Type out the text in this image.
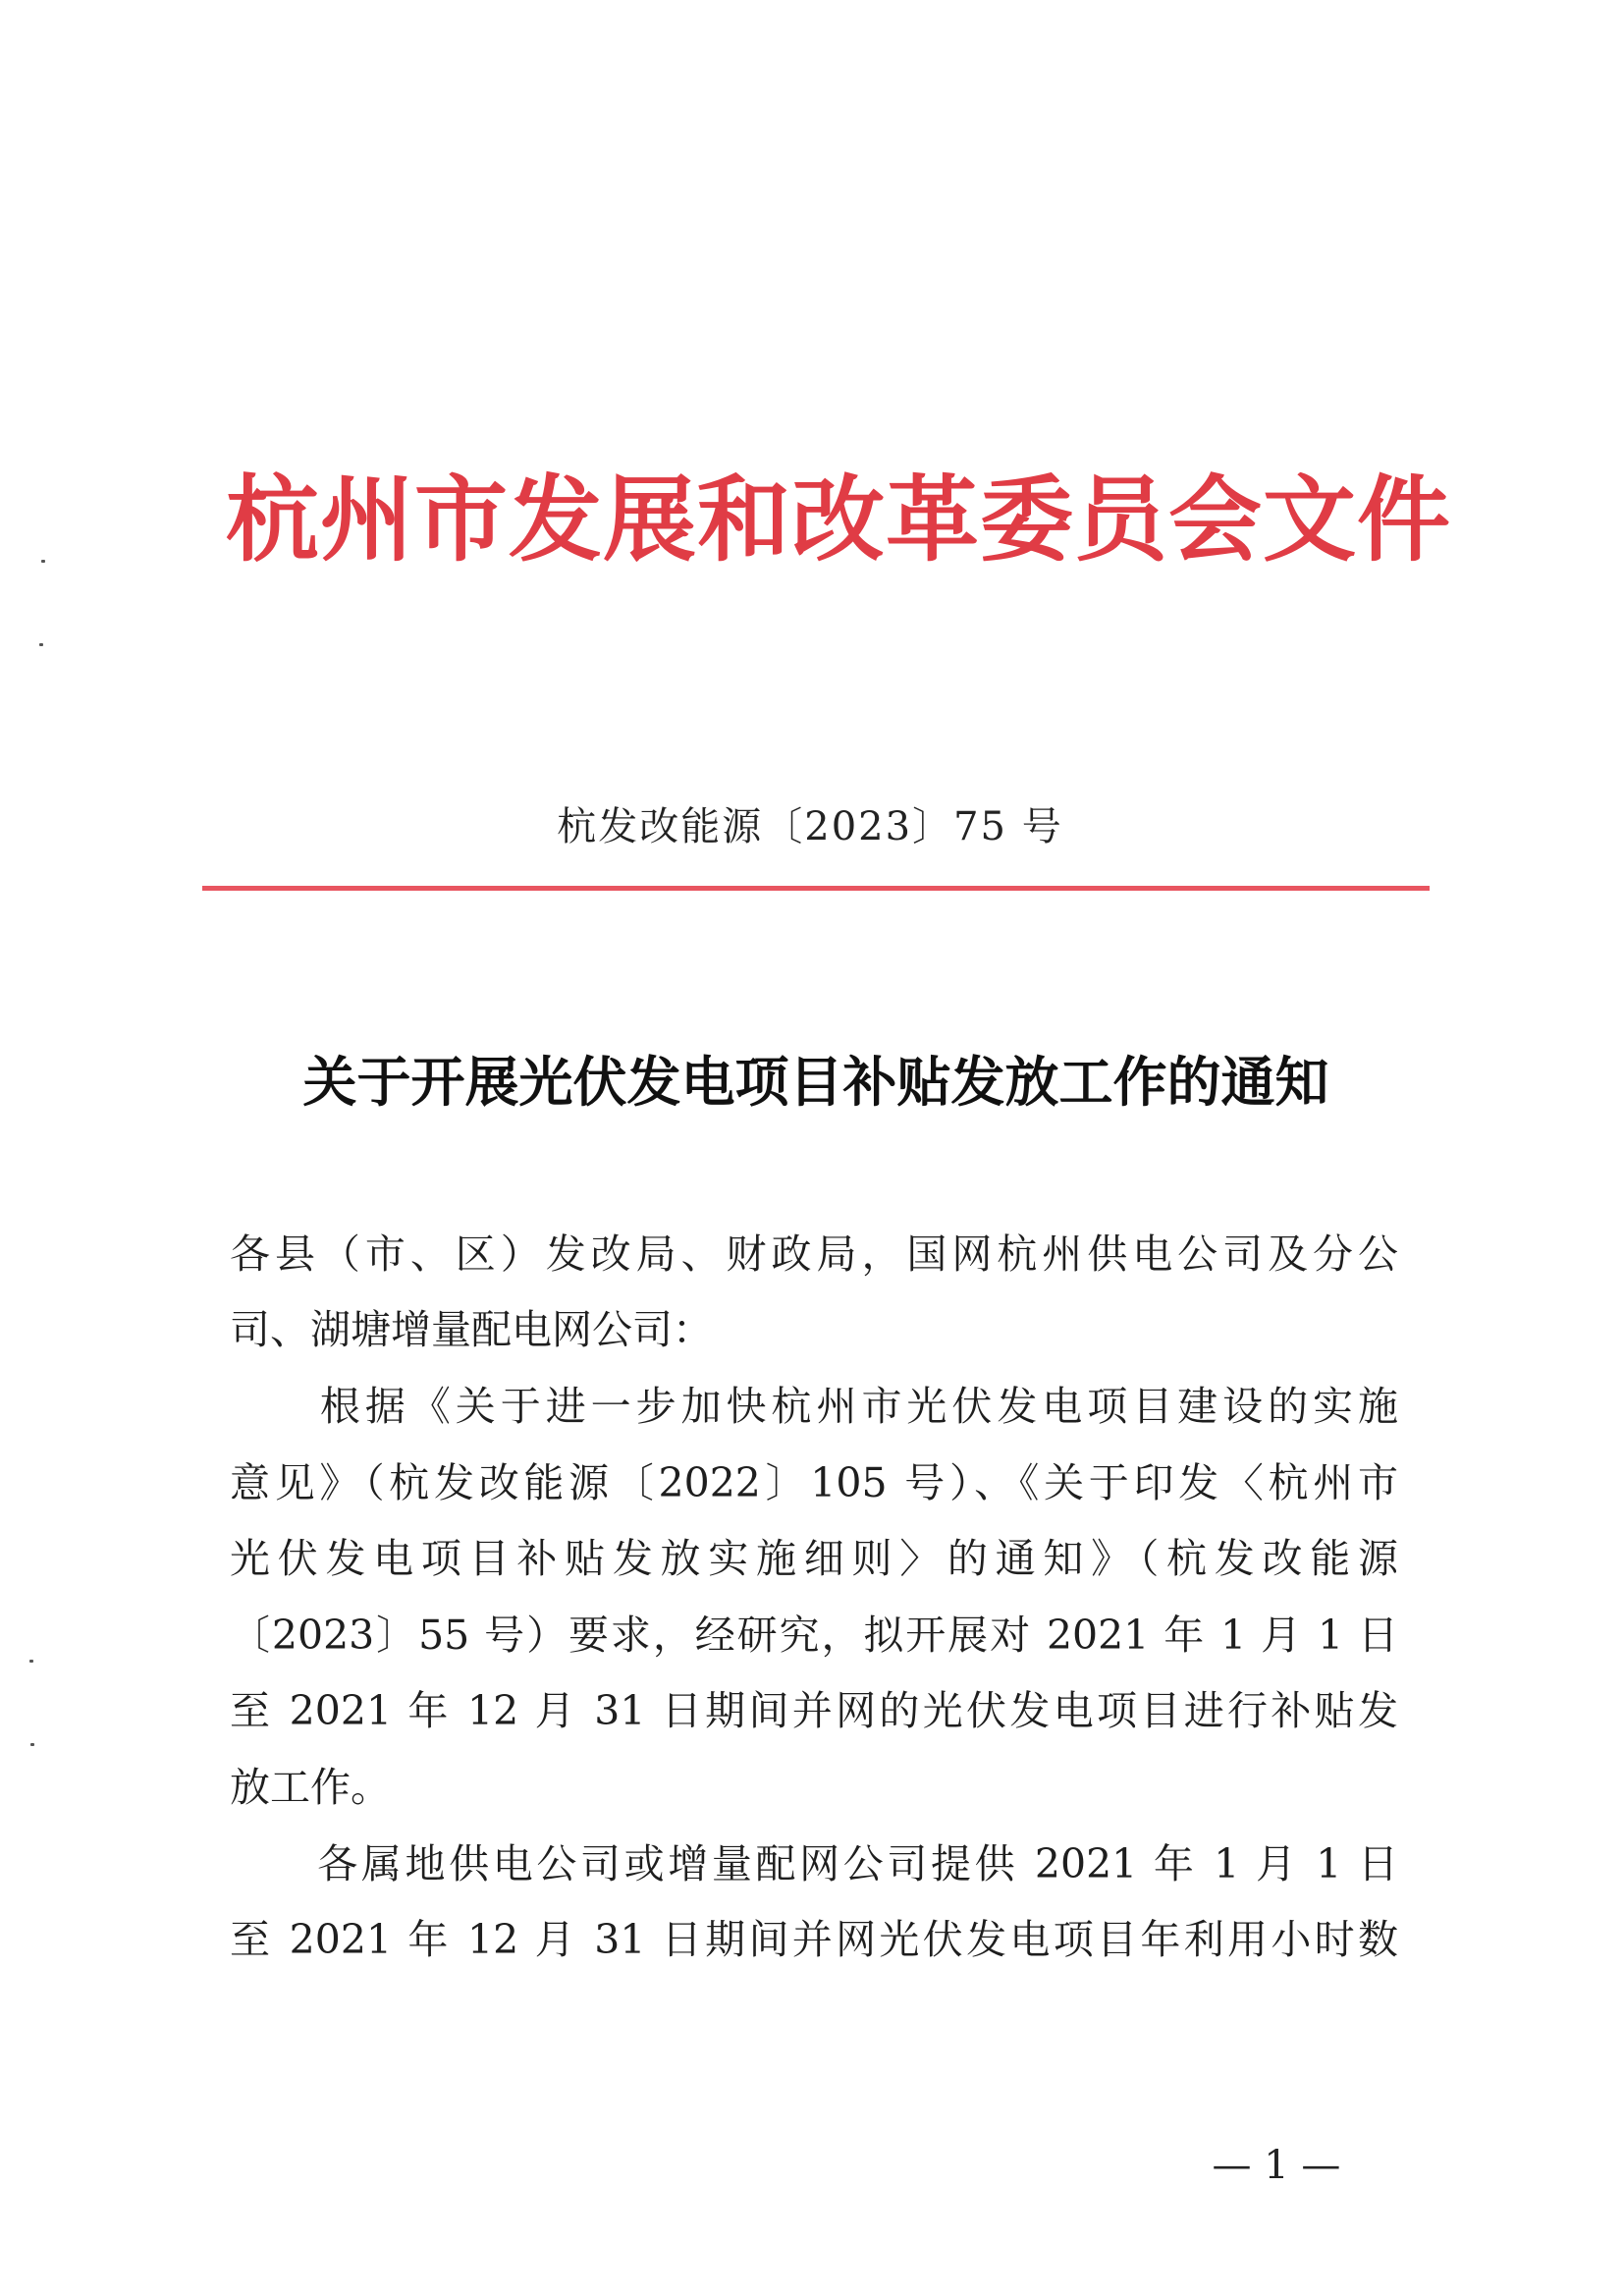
杭州市发展和改革委员会文件
杭发改能源〔2023〕75 号
关于开展光伏发电项目补贴发放工作的通知
各县（市、区）发改局、财政局，国网杭州供电公司及分公
司、湖塘增量配电网公司：
　　根据《关于进一步加快杭州市光伏发电项目建设的实施
意见》（杭发改能源〔2022〕105 号）、《关于印发〈杭州市
光伏发电项目补贴发放实施细则〉的通知》（杭发改能源
〔2023〕55 号）要求，经研究，拟开展对 2021 年 1 月 1 日
至 2021 年 12 月 31 日期间并网的光伏发电项目进行补贴发
放工作。
　　各属地供电公司或增量配网公司提供 2021 年 1 月 1 日
至 2021 年 12 月 31 日期间并网光伏发电项目年利用小时数
— 1 —
